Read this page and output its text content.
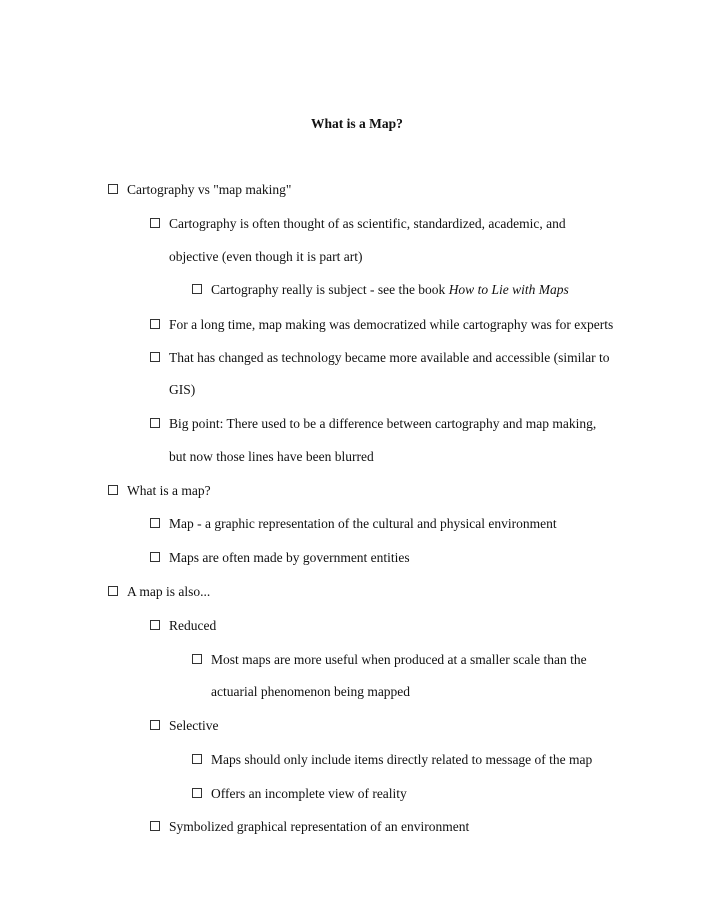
What is a Map?
Cartography vs "map making"
Cartography is often thought of as scientific, standardized, academic, and
objective (even though it is part art)
Cartography really is subject - see the book How to Lie with Maps
For a long time, map making was democratized while cartography was for experts
That has changed as technology became more available and accessible (similar to
GIS)
Big point: There used to be a difference between cartography and map making,
but now those lines have been blurred
What is a map?
Map - a graphic representation of the cultural and physical environment
Maps are often made by government entities
A map is also...
Reduced
Most maps are more useful when produced at a smaller scale than the
actuarial phenomenon being mapped
Selective
Maps should only include items directly related to message of the map
Offers an incomplete view of reality
Symbolized graphical representation of an environment
